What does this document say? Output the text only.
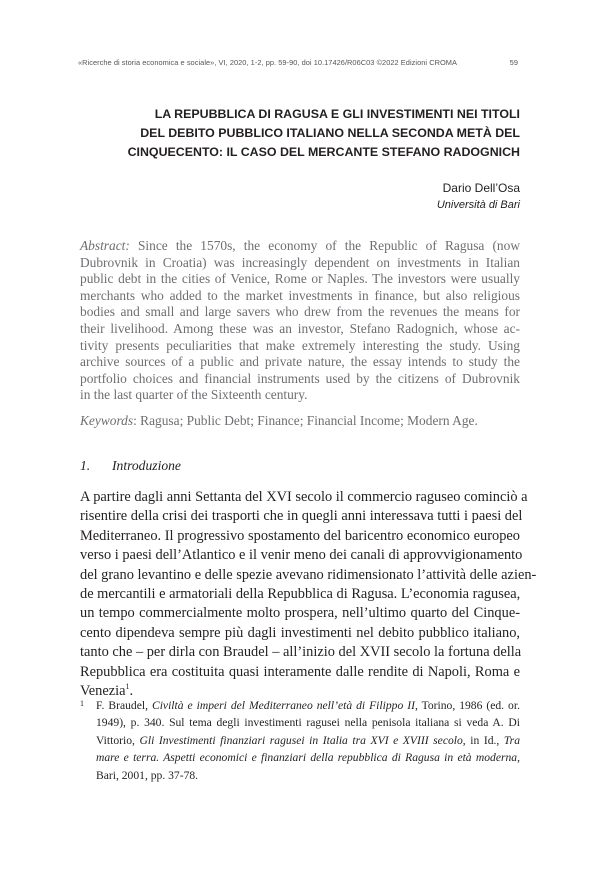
«Ricerche di storia economica e sociale», VI, 2020, 1-2, pp. 59-90, doi 10.17426/R06C03 ©2022 Edizioni CROMA	59
LA REPUBBLICA DI RAGUSA E GLI INVESTIMENTI NEI TITOLI
DEL DEBITO PUBBLICO ITALIANO NELLA SECONDA METÀ DEL
CINQUECENTO: IL CASO DEL MERCANTE STEFANO RADOGNICH
Dario Dell’Osa
Università di Bari
Abstract: Since the 1570s, the economy of the Republic of Ragusa (now
Dubrovnik in Croatia) was increasingly dependent on investments in Italian
public debt in the cities of Venice, Rome or Naples. The investors were usually
merchants who added to the market investments in finance, but also religious
bodies and small and large savers who drew from the revenues the means for
their livelihood. Among these was an investor, Stefano Radognich, whose ac-
tivity presents peculiarities that make extremely interesting the study. Using
archive sources of a public and private nature, the essay intends to study the
portfolio choices and financial instruments used by the citizens of Dubrovnik
in the last quarter of the Sixteenth century.
Keywords: Ragusa; Public Debt; Finance; Financial Income; Modern Age.
1. Introduzione
A partire dagli anni Settanta del XVI secolo il commercio raguseo cominciò a
risentire della crisi dei trasporti che in quegli anni interessava tutti i paesi del
Mediterraneo. Il progressivo spostamento del baricentro economico europeo
verso i paesi dell’Atlantico e il venir meno dei canali di approvvigionamento
del grano levantino e delle spezie avevano ridimensionato l’attività delle azien-
de mercantili e armatoriali della Repubblica di Ragusa. L’economia ragusea,
un tempo commercialmente molto prospera, nell’ultimo quarto del Cinque-
cento dipendeva sempre più dagli investimenti nel debito pubblico italiano,
tanto che – per dirla con Braudel – all’inizio del XVII secolo la fortuna della
Repubblica era costituita quasi interamente dalle rendite di Napoli, Roma e
Venezia$^1$.
1 F. Braudel, Civiltà e imperi del Mediterraneo nell’età di Filippo II, Torino, 1986 (ed. or.
1949), p. 340. Sul tema degli investimenti ragusei nella penisola italiana si veda A. Di
Vittorio, Gli Investimenti finanziari ragusei in Italia tra XVI e XVIII secolo, in Id., Tra
mare e terra. Aspetti economici e finanziari della repubblica di Ragusa in età moderna,
Bari, 2001, pp. 37-78.
